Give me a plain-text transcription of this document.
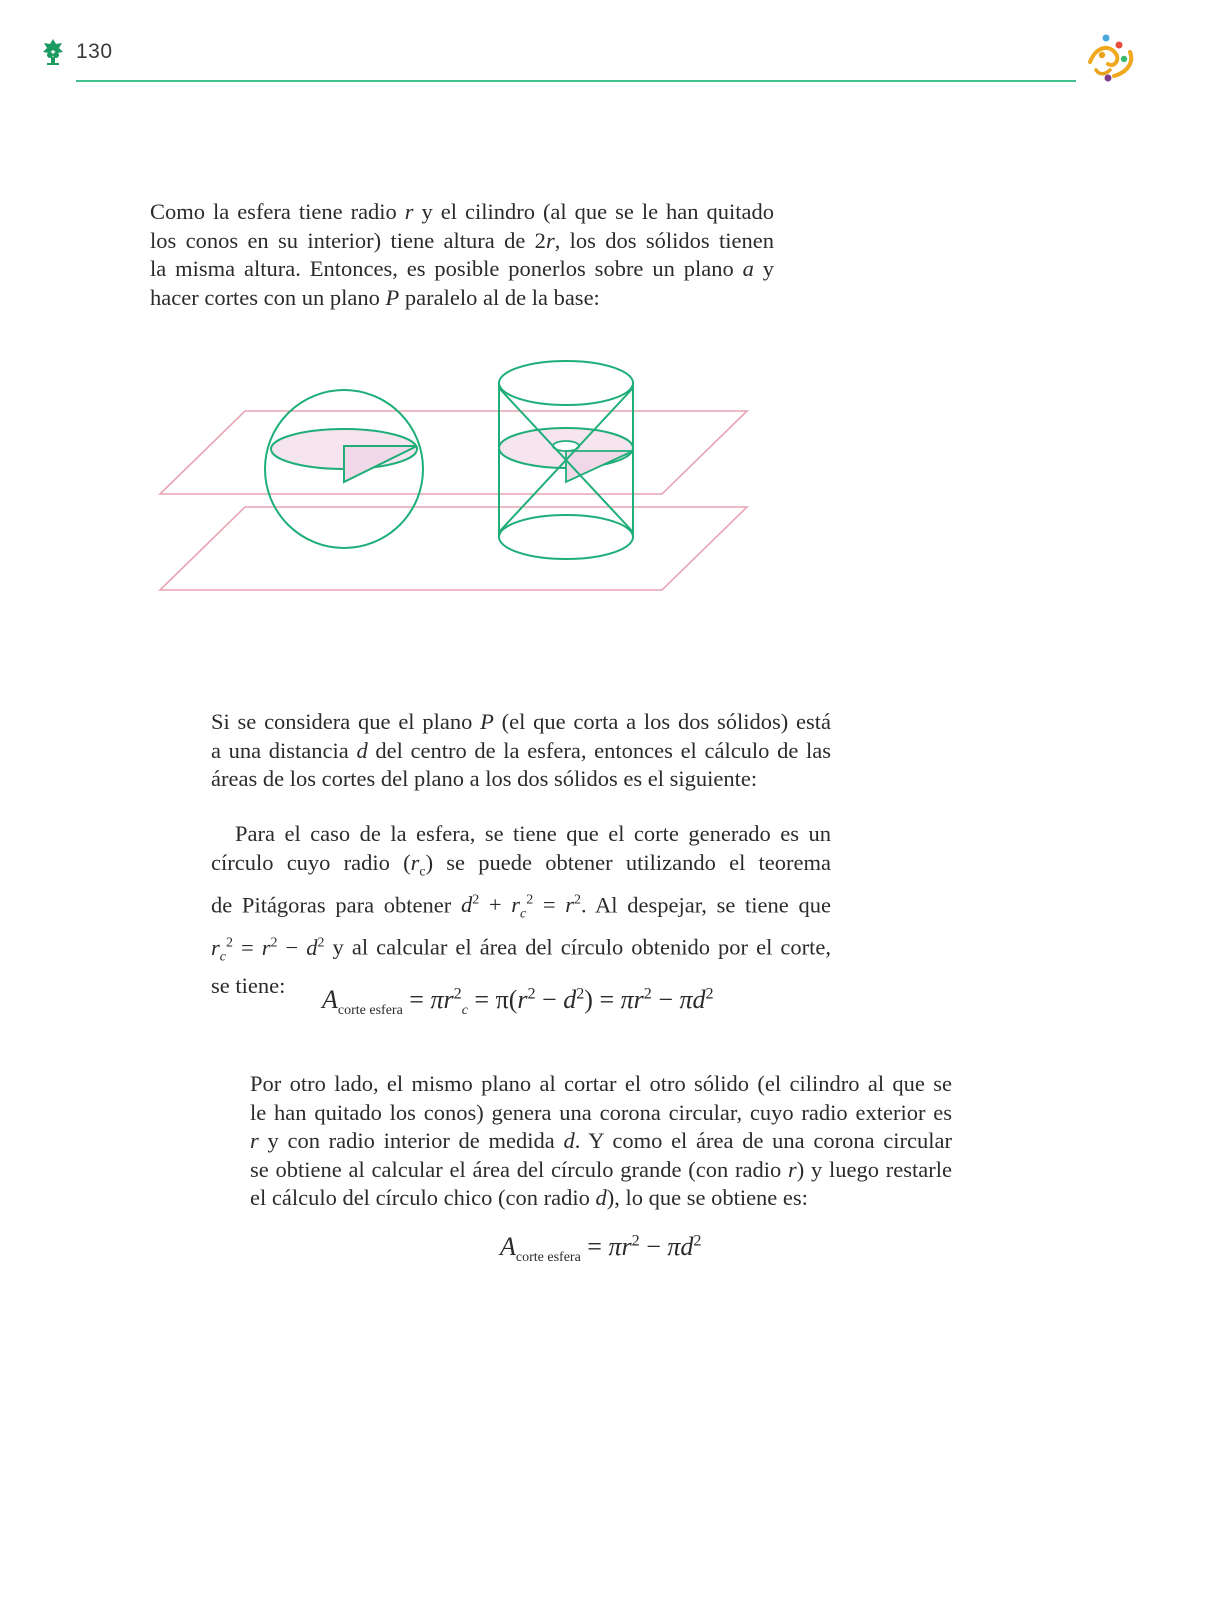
130
Como la esfera tiene radio r y el cilindro (al que se le han quitado
los conos en su interior) tiene altura de 2r, los dos sólidos tienen
la misma altura. Entonces, es posible ponerlos sobre un plano a y
hacer cortes con un plano P paralelo al de la base:
Si se considera que el plano P (el que corta a los dos sólidos) está
a una distancia d del centro de la esfera, entonces el cálculo de las
áreas de los cortes del plano a los dos sólidos es el siguiente:
Para el caso de la esfera, se tiene que el corte generado es un
círculo cuyo radio $(r_c)$ se puede obtener utilizando el teorema
de Pitágoras para obtener $d^2 + r_c^2 = r^2$. Al despejar, se tiene que
$r_c^2 = r^2 - d^2$ y al calcular el área del círculo obtenido por el corte,
se tiene:	$A_{corte esfera} = \pi r^2_c = \pi(r^2 - d^2) = \pi r^2 - \pi d^2$
Por otro lado, el mismo plano al cortar el otro sólido (el cilindro al que se
le han quitado los conos) genera una corona circular, cuyo radio exterior es
r y con radio interior de medida d. Y como el área de una corona circular
se obtiene al calcular el área del círculo grande (con radio r) y luego restarle
el cálculo del círculo chico (con radio d), lo que se obtiene es:
$A_{corte esfera} = \pi r^2 - \pi d^2$
